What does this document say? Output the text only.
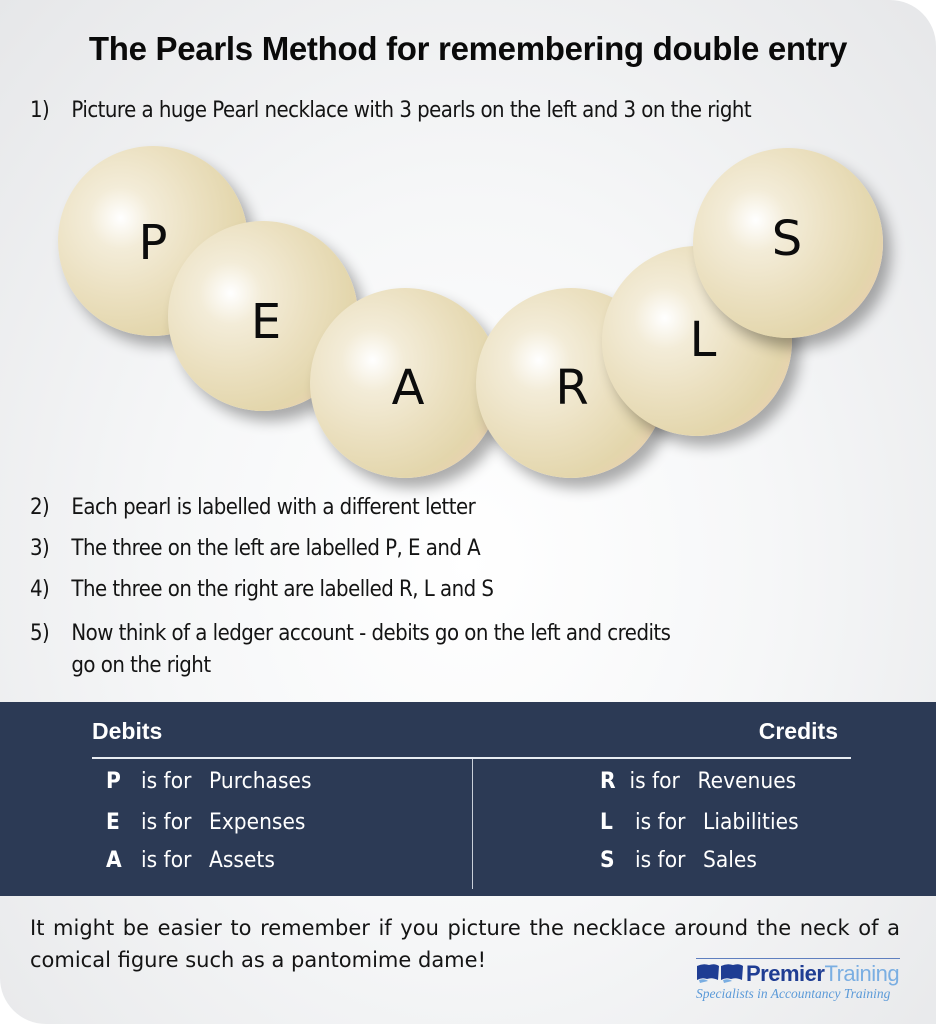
The Pearls Method for remembering double entry
1) Picture a huge Pearl necklace with 3 pearls on the left and 3 on the right
P
E
A	R
L
S
2) Each pearl is labelled with a different letter
3) The three on the left are labelled P, E and A
4) The three on the right are labelled R, L and S
5) Now think of a ledger account - debits go on the left and credits
go on the right
Debits	Credits
P is for Purchases
E is for Expenses
A is for Assets
R is for Revenues
L is for Liabilities
S is for Sales
It might be easier to remember if you picture the necklace around the neck of a comical figure such as a pantomime dame!
PremierTraining
Specialists in Accountancy Training
